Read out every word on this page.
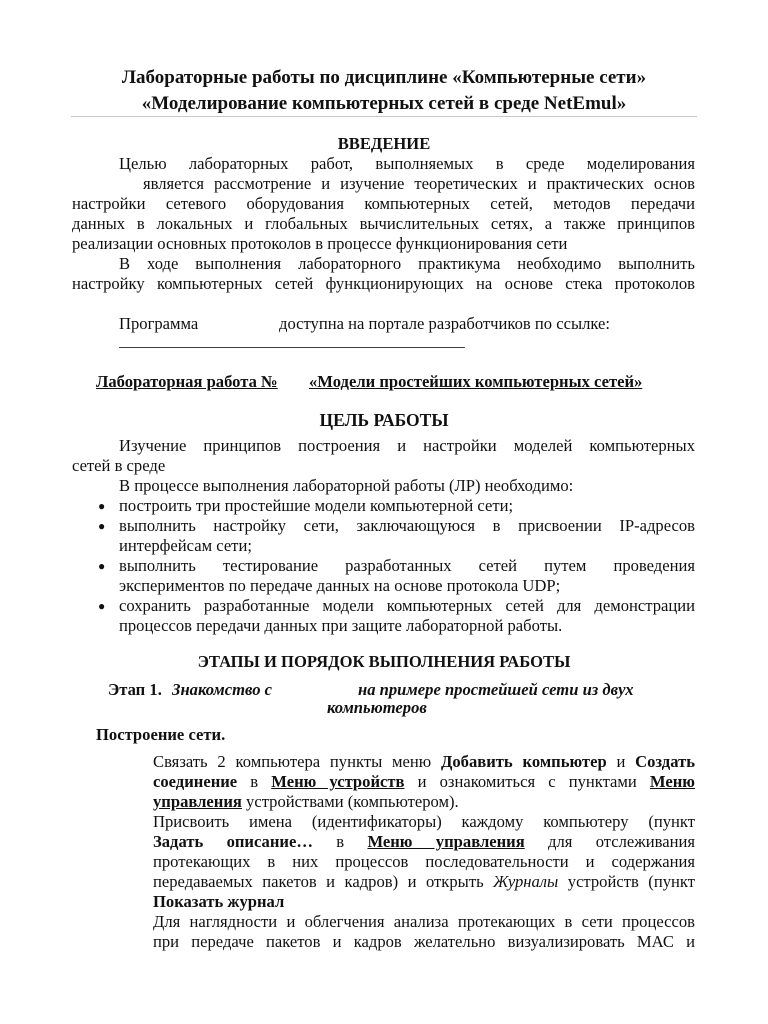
Лабораторные работы по дисциплине «Компьютерные сети»
«Моделирование компьютерных сетей в среде NetEmul»
ВВЕДЕНИЕ
Целью лабораторных работ, выполняемых в среде моделирования
является рассмотрение и изучение теоретических и практических основ
настройки сетевого оборудования компьютерных сетей, методов передачи
данных в локальных и глобальных вычислительных сетях, а также принципов
реализации основных протоколов в процессе функционирования сети
В ходе выполнения лабораторного практикума необходимо выполнить
настройку компьютерных сетей функционирующих на основе стека протоколов
Программа	доступна на портале разработчиков по ссылке:
Лабораторная работа № «Модели простейших компьютерных сетей»
ЦЕЛЬ РАБОТЫ
Изучение принципов построения и настройки моделей компьютерных
сетей в среде
В процессе выполнения лабораторной работы (ЛР) необходимо:
● построить три простейшие модели компьютерной сети;
● выполнить настройку сети, заключающуюся в присвоении IP-адресов
интерфейсам сети;
● выполнить тестирование разработанных сетей путем проведения
экспериментов по передаче данных на основе протокола UDP;
● сохранить разработанные модели компьютерных сетей для демонстрации
процессов передачи данных при защите лабораторной работы.
ЭТАПЫ И ПОРЯДОК ВЫПОЛНЕНИЯ РАБОТЫ
Этап 1. Знакомство с	на примере простейшей сети из двух
компьютеров
Построение сети.
Связать 2 компьютера пункты меню Добавить компьютер и Создать
соединение в Меню устройств и ознакомиться с пунктами Меню
управления устройствами (компьютером).
Присвоить имена (идентификаторы) каждому компьютеру (пункт
Задать описание… в Меню управления для отслеживания
протекающих в них процессов последовательности и содержания
передаваемых пакетов и кадров) и открыть Журналы устройств (пункт
Показать журнал
Для наглядности и облегчения анализа протекающих в сети процессов
при передаче пакетов и кадров желательно визуализировать МАС и
